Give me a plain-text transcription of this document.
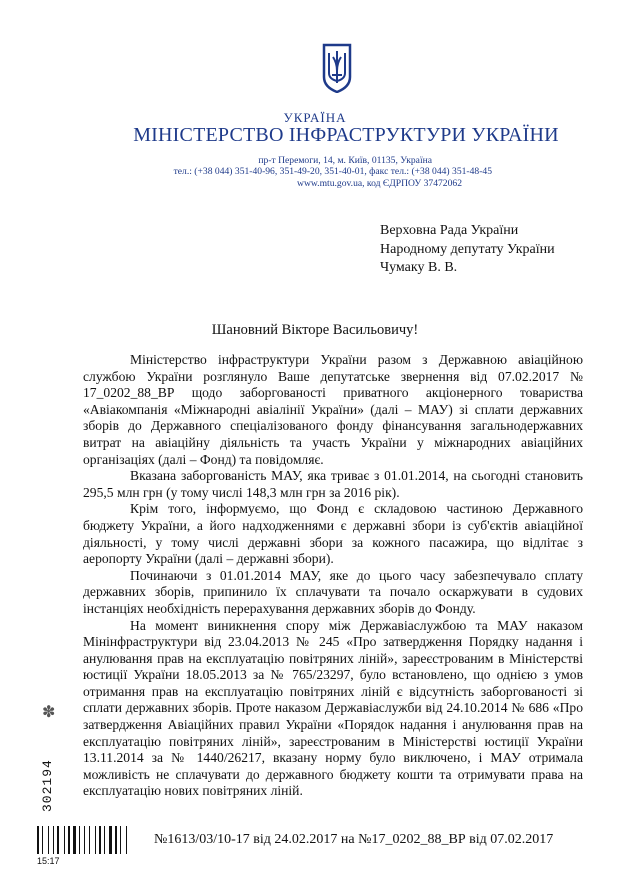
УКРАЇНА
МІНІСТЕРСТВО ІНФРАСТРУКТУРИ УКРАЇНИ
пр-т Перемоги, 14, м. Київ, 01135, Україна
тел.: (+38 044) 351-40-96, 351-49-20, 351-40-01, факс тел.: (+38 044) 351-48-45
www.mtu.gov.ua, код ЄДРПОУ 37472062
Верховна Рада України
Народному депутату України
Чумаку В. В.
Шановний Вікторе Васильовичу!

Міністерство інфраструктури України разом з Державною авіаційною службою України розглянуло Ваше депутатське звернення від 07.02.2017 № 17_0202_88_ВР щодо заборгованості приватного акціонерного товариства «Авіакомпанія «Міжнародні авіалінії України» (далі – МАУ) зі сплати державних зборів до Державного спеціалізованого фонду фінансування загальнодержавних витрат на авіаційну діяльність та участь України у міжнародних авіаційних організаціях (далі – Фонд) та повідомляє.

Вказана заборгованість МАУ, яка триває з 01.01.2014, на сьогодні становить 295,5 млн грн (у тому числі 148,3 млн грн за 2016 рік).

Крім того, інформуємо, що Фонд є складовою частиною Державного бюджету України, а його надходженнями є державні збори із суб'єктів авіаційної діяльності, у тому числі державні збори за кожного пасажира, що відлітає з аеропорту України (далі – державні збори).

Починаючи з 01.01.2014 МАУ, яке до цього часу забезпечувало сплату державних зборів, припинило їх сплачувати та почало оскаржувати в судових інстанціях необхідність перерахування державних зборів до Фонду.

На момент виникнення спору між Державіаслужбою та МАУ наказом Мінінфраструктури від 23.04.2013 № 245 «Про затвердження Порядку надання і анулювання прав на експлуатацію повітряних ліній», зареєстрованим в Міністерстві юстиції України 18.05.2013 за № 765/23297, було встановлено, що однією з умов отримання прав на експлуатацію повітряних ліній є відсутність заборгованості зі сплати державних зборів. Проте наказом Державіаслужби від 24.10.2014 № 686 «Про затвердження Авіаційних правил України «Порядок надання і анулювання прав на експлуатацію повітряних ліній», зареєстрованим в Міністерстві юстиції України 13.11.2014 за № 1440/26217, вказану норму було виключено, і МАУ отримала можливість не сплачувати до державного бюджету кошти та отримувати права на експлуатацію нових повітряних ліній.

✽
302194
15:17
№1613/03/10-17 від 24.02.2017 на №17_0202_88_ВР від 07.02.2017
